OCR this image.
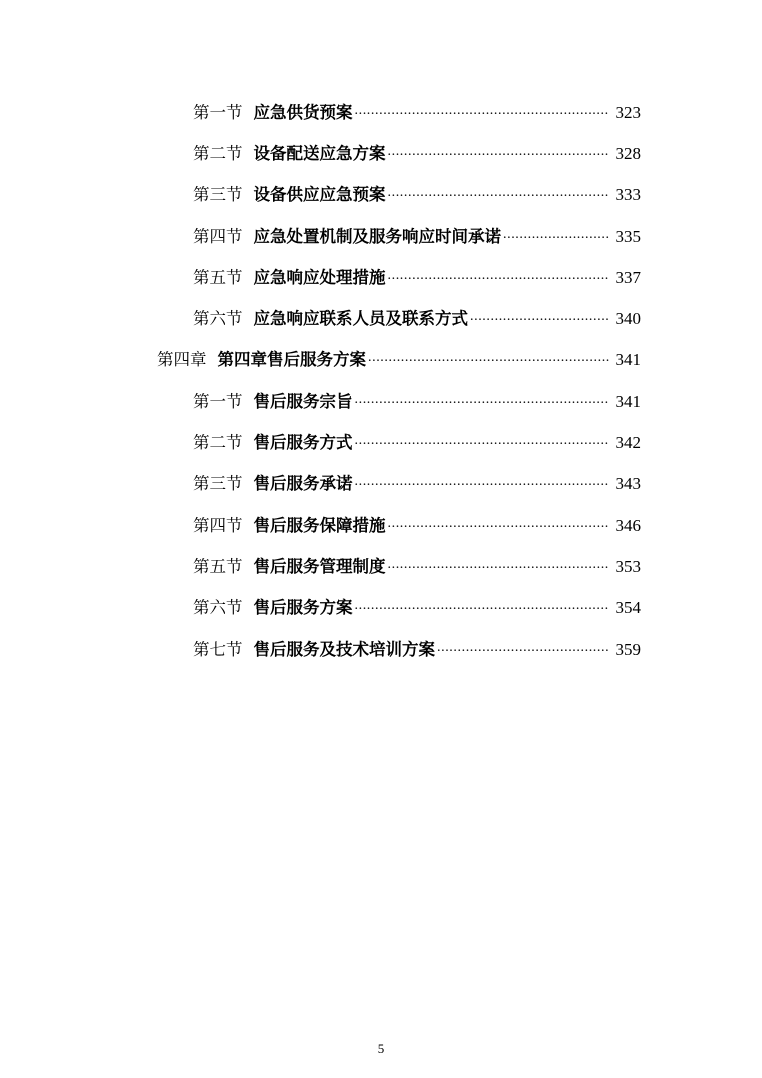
第一节 应急供货预案 .....	323
第二节 设备配送应急方案 .....	328
第三节 设备供应应急预案 .....	333
第四节 应急处置机制及服务响应时间承诺 .....	335
第五节 应急响应处理措施 .....	337
第六节 应急响应联系人员及联系方式 .....	340
第四章 第四章售后服务方案 .....	341
第一节 售后服务宗旨 .....	341
第二节 售后服务方式 .....	342
第三节 售后服务承诺 .....	343
第四节 售后服务保障措施 .....	346
第五节 售后服务管理制度 .....	353
第六节 售后服务方案 .....	354
第七节 售后服务及技术培训方案 .....	359
5
